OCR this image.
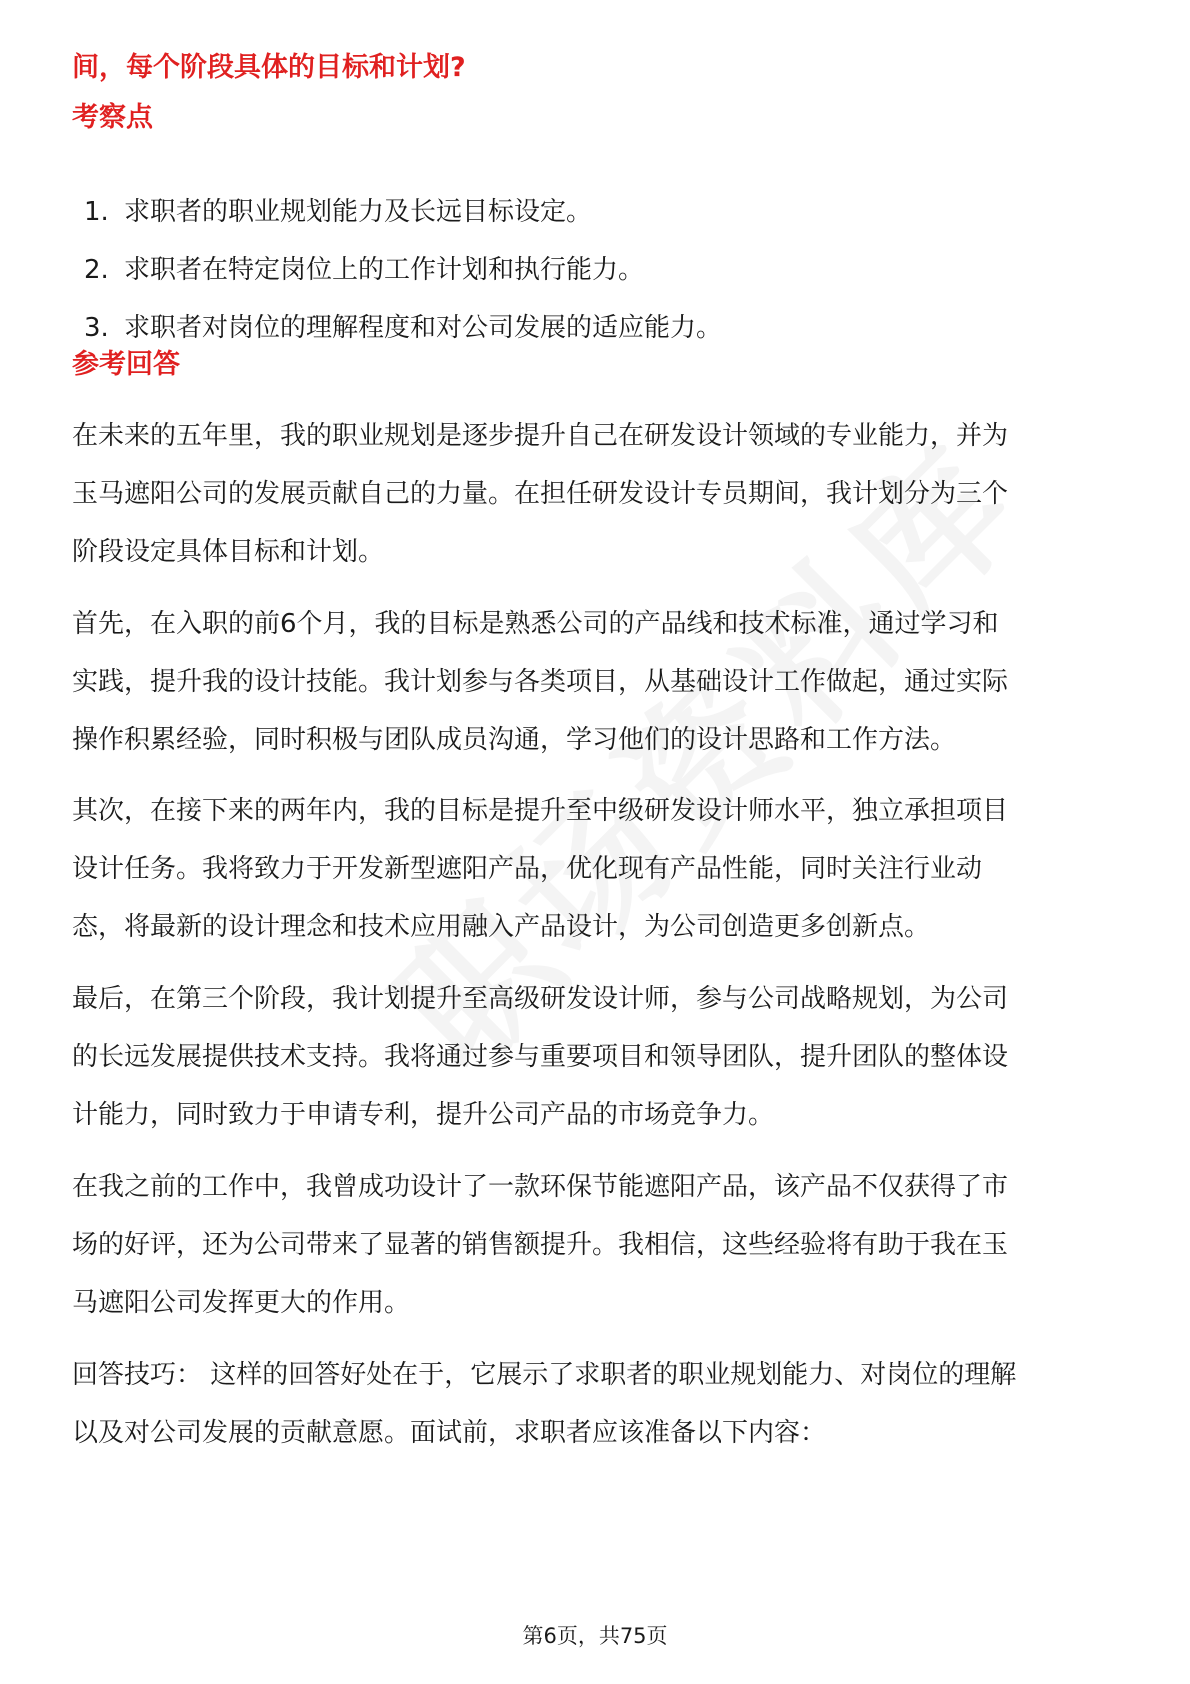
间，每个阶段具体的目标和计划?
考察点
1. 求职者的职业规划能力及长远目标设定。
2. 求职者在特定岗位上的工作计划和执行能力。
3. 求职者对岗位的理解程度和对公司发展的适应能力。
参考回答

在未来的五年里，我的职业规划是逐步提升自己在研发设计领域的专业能力，并为
玉马遮阳公司的发展贡献自己的力量。在担任研发设计专员期间，我计划分为三个
阶段设定具体目标和计划。

首先，在入职的前6个月，我的目标是熟悉公司的产品线和技术标准，通过学习和
实践，提升我的设计技能。我计划参与各类项目，从基础设计工作做起，通过实际
操作积累经验，同时积极与团队成员沟通，学习他们的设计思路和工作方法。

其次，在接下来的两年内，我的目标是提升至中级研发设计师水平，独立承担项目
设计任务。我将致力于开发新型遮阳产品，优化现有产品性能，同时关注行业动
态，将最新的设计理念和技术应用融入产品设计，为公司创造更多创新点。

最后，在第三个阶段，我计划提升至高级研发设计师，参与公司战略规划，为公司
的长远发展提供技术支持。我将通过参与重要项目和领导团队，提升团队的整体设
计能力，同时致力于申请专利，提升公司产品的市场竞争力。

在我之前的工作中，我曾成功设计了一款环保节能遮阳产品，该产品不仅获得了市
场的好评，还为公司带来了显著的销售额提升。我相信，这些经验将有助于我在玉
马遮阳公司发挥更大的作用。

回答技巧： 这样的回答好处在于，它展示了求职者的职业规划能力、对岗位的理解
以及对公司发展的贡献意愿。面试前，求职者应该准备以下内容：

第6页，共75页
